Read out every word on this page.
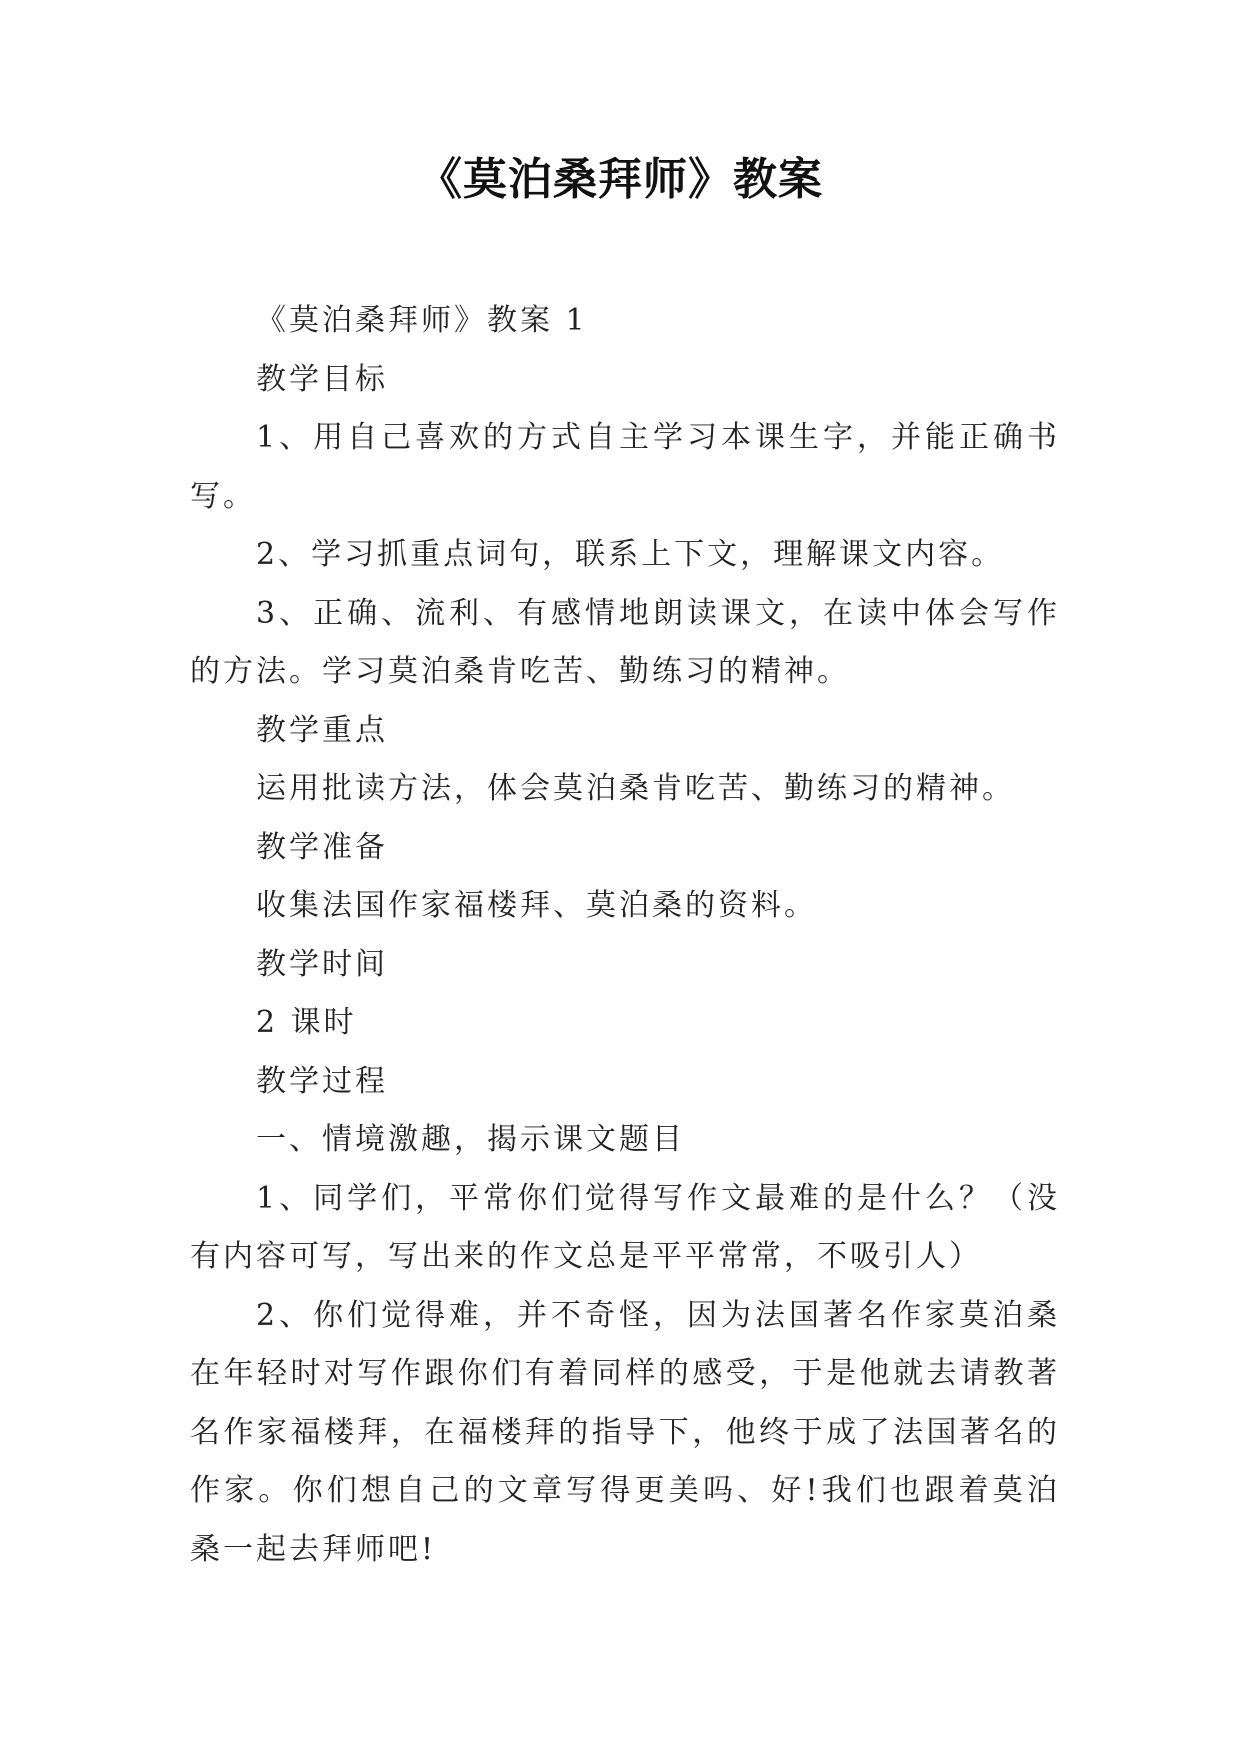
《莫泊桑拜师》教案

《莫泊桑拜师》教案 1

教学目标

1、用自己喜欢的方式自主学习本课生字，并能正确书写。

2、学习抓重点词句，联系上下文，理解课文内容。

3、正确、流利、有感情地朗读课文，在读中体会写作的方法。学习莫泊桑肯吃苦、勤练习的精神。

教学重点

运用批读方法，体会莫泊桑肯吃苦、勤练习的精神。

教学准备

收集法国作家福楼拜、莫泊桑的资料。

教学时间

2 课时

教学过程

一、情境激趣，揭示课文题目

1、同学们，平常你们觉得写作文最难的是什么？（没有内容可写，写出来的作文总是平平常常，不吸引人）

2、你们觉得难，并不奇怪，因为法国著名作家莫泊桑在年轻时对写作跟你们有着同样的感受，于是他就去请教著名作家福楼拜，在福楼拜的指导下，他终于成了法国著名的作家。你们想自己的文章写得更美吗、好!我们也跟着莫泊桑一起去拜师吧!
